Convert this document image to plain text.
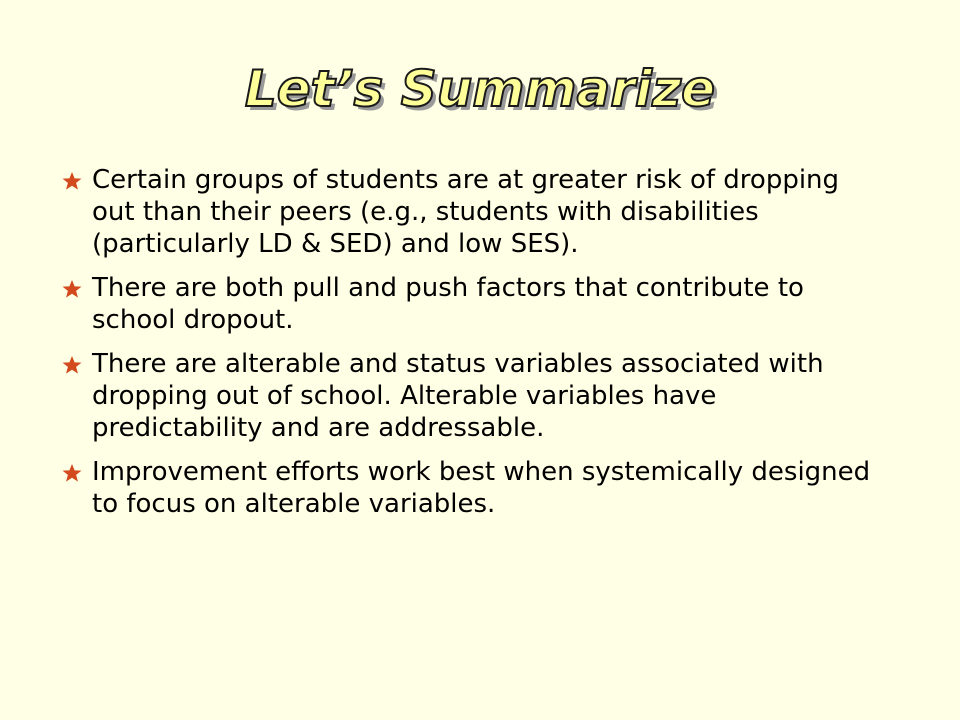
Let’s Summarize
Certain groups of students are at greater risk of dropping out than their peers (e.g., students with disabilities (particularly LD & SED) and low SES).
There are both pull and push factors that contribute to school dropout.
There are alterable and status variables associated with dropping out of school. Alterable variables have predictability and are addressable.
Improvement efforts work best when systemically designed to focus on alterable variables.
